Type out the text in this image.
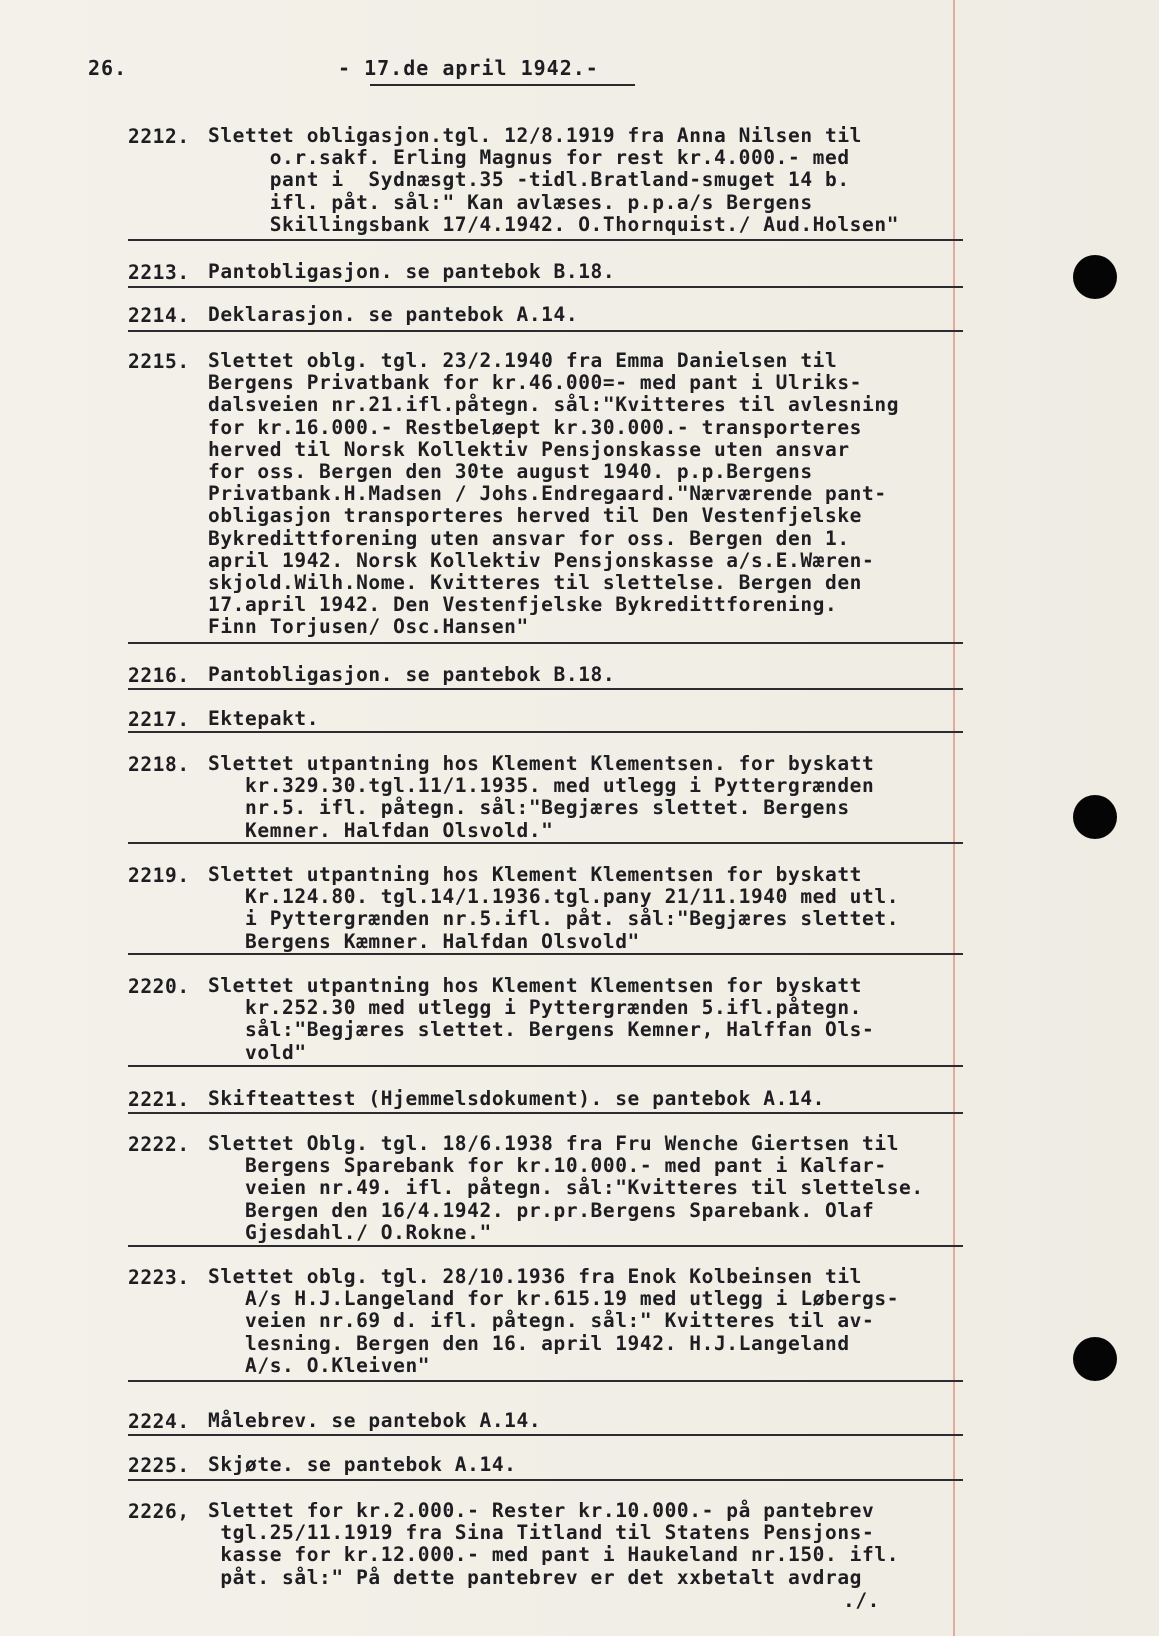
26.	- 17.de april 1942.-
2212. Slettet obligasjon.tgl. 12/8.1919 fra Anna Nilsen til
o.r.sakf. Erling Magnus for rest kr.4.000.- med
pant i  Sydnæsgt.35 -tidl.Bratland-smuget 14 b.
ifl. påt. sål:" Kan avlæses. p.p.a/s Bergens
Skillingsbank 17/4.1942. O.Thornquist./ Aud.Holsen"
2213. Pantobligasjon. se pantebok B.18.
2214. Deklarasjon. se pantebok A.14.
2215. Slettet oblg. tgl. 23/2.1940 fra Emma Danielsen til
Bergens Privatbank for kr.46.000=- med pant i Ulriks-
dalsveien nr.21.ifl.påtegn. sål:"Kvitteres til avlesning
for kr.16.000.- Restbeløept kr.30.000.- transporteres
herved til Norsk Kollektiv Pensjonskasse uten ansvar
for oss. Bergen den 30te august 1940. p.p.Bergens
Privatbank.H.Madsen / Johs.Endregaard."Nærværende pant-
obligasjon transporteres herved til Den Vestenfjelske
Bykredittforening uten ansvar for oss. Bergen den 1.
april 1942. Norsk Kollektiv Pensjonskasse a/s.E.Wæren-
skjold.Wilh.Nome. Kvitteres til slettelse. Bergen den
17.april 1942. Den Vestenfjelske Bykredittforening.
Finn Torjusen/ Osc.Hansen"
2216. Pantobligasjon. se pantebok B.18.
2217. Ektepakt.
2218. Slettet utpantning hos Klement Klementsen. for byskatt
kr.329.30.tgl.11/1.1935. med utlegg i Pyttergrænden
nr.5. ifl. påtegn. sål:"Begjæres slettet. Bergens
Kemner. Halfdan Olsvold."
2219. Slettet utpantning hos Klement Klementsen for byskatt
Kr.124.80. tgl.14/1.1936.tgl.pany 21/11.1940 med utl.
i Pyttergrænden nr.5.ifl. påt. sål:"Begjæres slettet.
Bergens Kæmner. Halfdan Olsvold"
2220. Slettet utpantning hos Klement Klementsen for byskatt
kr.252.30 med utlegg i Pyttergrænden 5.ifl.påtegn.
sål:"Begjæres slettet. Bergens Kemner, Halffan Ols-
vold"
2221. Skifteattest (Hjemmelsdokument). se pantebok A.14.
2222. Slettet Oblg. tgl. 18/6.1938 fra Fru Wenche Giertsen til
Bergens Sparebank for kr.10.000.- med pant i Kalfar-
veien nr.49. ifl. påtegn. sål:"Kvitteres til slettelse.
Bergen den 16/4.1942. pr.pr.Bergens Sparebank. Olaf
Gjesdahl./ O.Rokne."
2223. Slettet oblg. tgl. 28/10.1936 fra Enok Kolbeinsen til
A/s H.J.Langeland for kr.615.19 med utlegg i Løbergs-
veien nr.69 d. ifl. påtegn. sål:" Kvitteres til av-
lesning. Bergen den 16. april 1942. H.J.Langeland
A/s. O.Kleiven"
2224. Målebrev. se pantebok A.14.
2225. Skjøte. se pantebok A.14.
2226, Slettet for kr.2.000.- Rester kr.10.000.- på pantebrev
tgl.25/11.1919 fra Sina Titland til Statens Pensjons-
kasse for kr.12.000.- med pant i Haukeland nr.150. ifl.
påt. sål:" På dette pantebrev er det xxbetalt avdrag
./.
